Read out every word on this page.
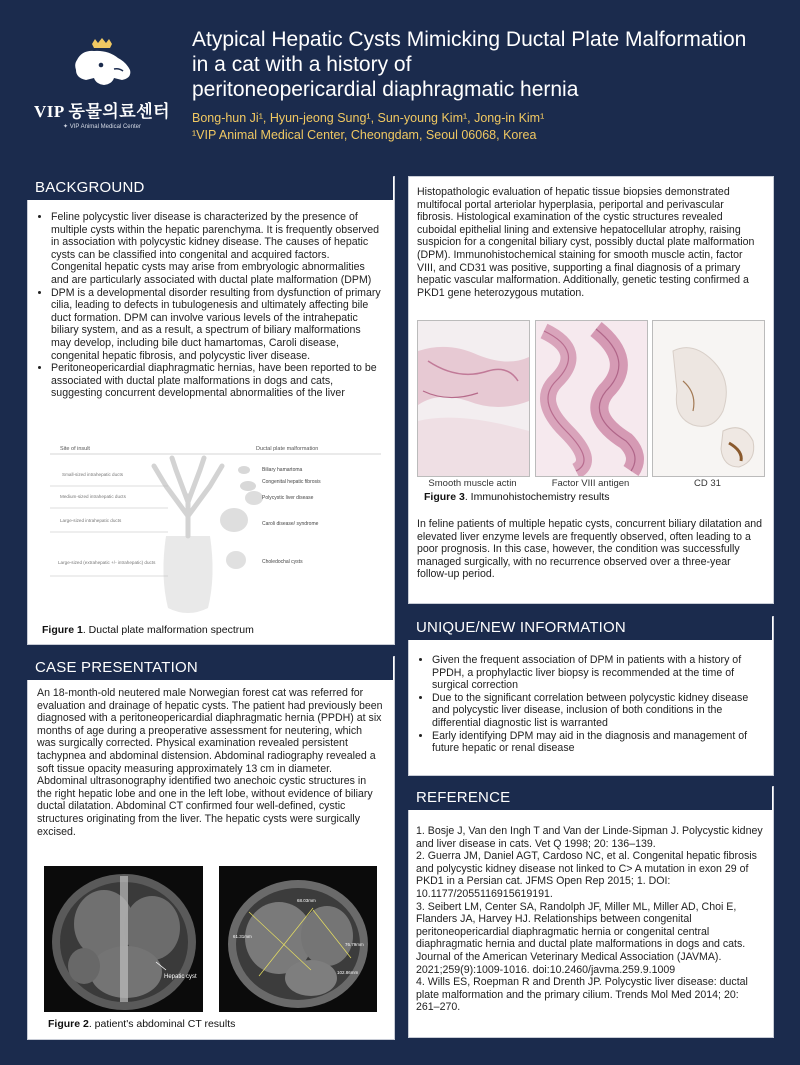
VIP 동물의료센터
✦ VIP Animal Medical Center
Atypical Hepatic Cysts Mimicking Ductal Plate Malformation
in a cat with a history of
peritoneopericardial diaphragmatic hernia
Bong-hun Ji¹, Hyun-jeong Sung¹, Sun-young Kim¹, Jong-in Kim¹
¹VIP Animal Medical Center, Cheongdam, Seoul 06068, Korea
BACKGROUND
• Feline polycystic liver disease is characterized by the presence of multiple cysts within the hepatic parenchyma. It is frequently observed in association with polycystic kidney disease. The causes of hepatic cysts can be classified into congenital and acquired factors. Congenital hepatic cysts may arise from embryologic abnormalities and are particularly associated with ductal plate malformation (DPM)
• DPM is a developmental disorder resulting from dysfunction of primary cilia, leading to defects in tubulogenesis and ultimately affecting bile duct formation. DPM can involve various levels of the intrahepatic biliary system, and as a result, a spectrum of biliary malformations may develop, including bile duct hamartomas, Caroli disease, congenital hepatic fibrosis, and polycystic liver disease.
• Peritoneopericardial diaphragmatic hernias, have been reported to be associated with ductal plate malformations in dogs and cats, suggesting concurrent developmental abnormalities of the liver
Site of insult	Ductal plate malformation
Small-sized intrahepatic ducts
Medium-sized intrahepatic ducts
Large-sized intrahepatic ducts
Large-sized (extrahepatic +/- intrahepatic) ducts
Biliary hamartoma
Congenital hepatic fibrosis
Polycystic liver disease
Caroli disease/ syndrome
Choledochal cysts
Figure 1. Ductal plate malformation spectrum
CASE PRESENTATION
An 18-month-old neutered male Norwegian forest cat was referred for evaluation and drainage of hepatic cysts. The patient had previously been diagnosed with a peritoneopericardial diaphragmatic hernia (PPDH) at six months of age during a preoperative assessment for neutering, which was surgically corrected. Physical examination revealed persistent tachypnea and abdominal distension. Abdominal radiography revealed a soft tissue opacity measuring approximately 13 cm in diameter. Abdominal ultrasonography identified two anechoic cystic structures in the right hepatic lobe and one in the left lobe, without evidence of biliary ductal dilatation. Abdominal CT confirmed four well-defined, cystic structures originating from the liver. The hepatic cysts were surgically excised.
Hepatic cyst
61.31mm
68.03mm
76.79mm
102.86mm
Figure 2. patient's abdominal CT results
Histopathologic evaluation of hepatic tissue biopsies demonstrated multifocal portal arteriolar hyperplasia, periportal and perivascular fibrosis. Histological examination of the cystic structures revealed cuboidal epithelial lining and extensive hepatocellular atrophy, raising suspicion for a congenital biliary cyst, possibly ductal plate malformation (DPM). Immunohistochemical staining for smooth muscle actin, factor VIII, and CD31 was positive, supporting a final diagnosis of a primary hepatic vascular malformation. Additionally, genetic testing confirmed a PKD1 gene heterozygous mutation.
Smooth muscle actin	Factor VIII antigen	CD 31
Figure 3. Immunohistochemistry results
In feline patients of multiple hepatic cysts, concurrent biliary dilatation and elevated liver enzyme levels are frequently observed, often leading to a poor prognosis. In this case, however, the condition was successfully managed surgically, with no recurrence observed over a three-year follow-up period.
UNIQUE/NEW INFORMATION
• Given the frequent association of DPM in patients with a history of PPDH, a prophylactic liver biopsy is recommended at the time of surgical correction
• Due to the significant correlation between polycystic kidney disease and polycystic liver disease, inclusion of both conditions in the differential diagnostic list is warranted
• Early identifying DPM may aid in the diagnosis and management of future hepatic or renal disease
REFERENCE

1. Bosje J, Van den Ingh T and Van der Linde-Sipman J. Polycystic kidney and liver disease in cats. Vet Q 1998; 20: 136–139.

2. Guerra JM, Daniel AGT, Cardoso NC, et al. Congenital hepatic fibrosis and polycystic kidney disease not linked to C> A mutation in exon 29 of PKD1 in a Persian cat. JFMS Open Rep 2015; 1. DOI: 10.1177/2055116915619191.

3. Seibert LM, Center SA, Randolph JF, Miller ML, Miller AD, Choi E, Flanders JA, Harvey HJ. Relationships between congenital peritoneopericardial diaphragmatic hernia or congenital central diaphragmatic hernia and ductal plate malformations in dogs and cats. Journal of the American Veterinary Medical Association (JAVMA). 2021;259(9):1009-1016. doi:10.2460/javma.259.9.1009

4. Wills ES, Roepman R and Drenth JP. Polycystic liver disease: ductal plate malformation and the primary cilium. Trends Mol Med 2014; 20: 261–270.
